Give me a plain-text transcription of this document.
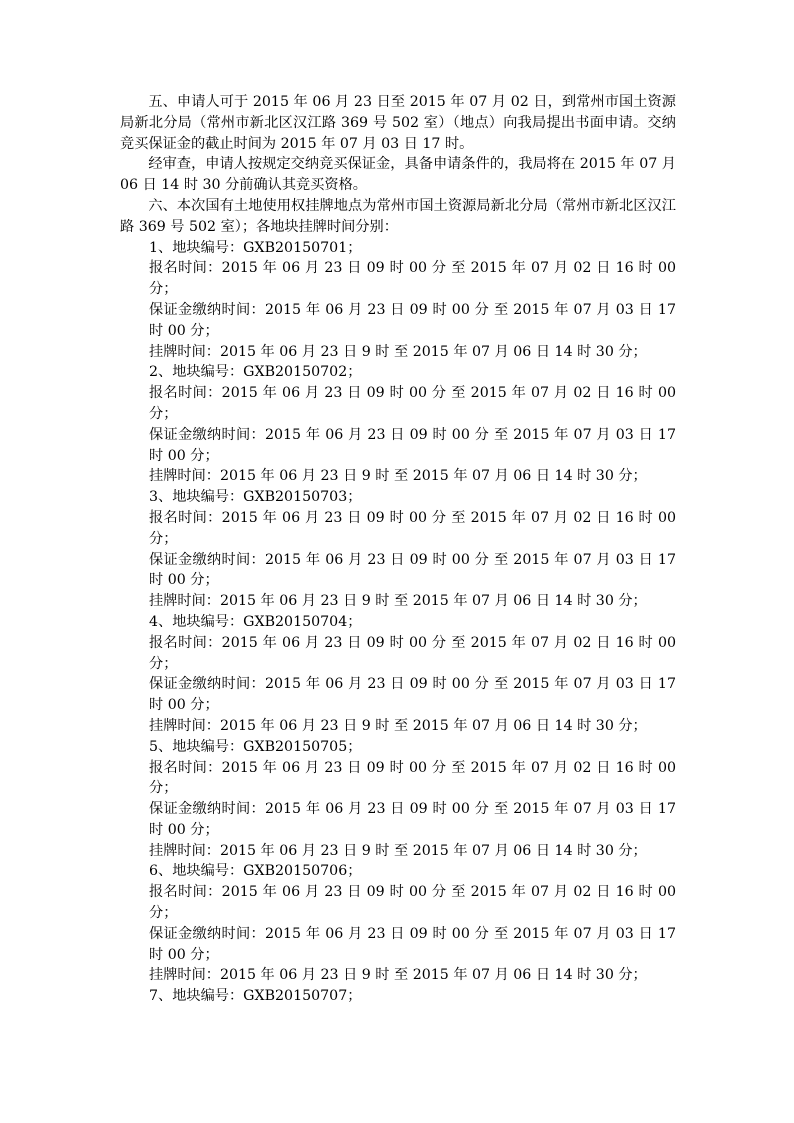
五、申请人可于 2015 年 06 月 23 日至 2015 年 07 月 02 日，到常州市国土资源局新北分局（常州市新北区汉江路 369 号 502 室）（地点）向我局提出书面申请。交纳竞买保证金的截止时间为 2015 年 07 月 03 日 17 时。

经审查，申请人按规定交纳竞买保证金，具备申请条件的，我局将在 2015 年 07 月 06 日 14 时 30 分前确认其竞买资格。

六、本次国有土地使用权挂牌地点为常州市国土资源局新北分局（常州市新北区汉江路 369 号 502 室）；各地块挂牌时间分别：

1、地块编号：GXB20150701；

报名时间：2015 年 06 月 23 日 09 时 00 分 至 2015 年 07 月 02 日 16 时 00 分；

保证金缴纳时间：2015 年 06 月 23 日 09 时 00 分 至 2015 年 07 月 03 日 17 时 00 分；

挂牌时间：2015 年 06 月 23 日 9 时 至 2015 年 07 月 06 日 14 时 30 分；

2、地块编号：GXB20150702；

报名时间：2015 年 06 月 23 日 09 时 00 分 至 2015 年 07 月 02 日 16 时 00 分；

保证金缴纳时间：2015 年 06 月 23 日 09 时 00 分 至 2015 年 07 月 03 日 17 时 00 分；

挂牌时间：2015 年 06 月 23 日 9 时 至 2015 年 07 月 06 日 14 时 30 分；

3、地块编号：GXB20150703；

报名时间：2015 年 06 月 23 日 09 时 00 分 至 2015 年 07 月 02 日 16 时 00 分；

保证金缴纳时间：2015 年 06 月 23 日 09 时 00 分 至 2015 年 07 月 03 日 17 时 00 分；

挂牌时间：2015 年 06 月 23 日 9 时 至 2015 年 07 月 06 日 14 时 30 分；

4、地块编号：GXB20150704；

报名时间：2015 年 06 月 23 日 09 时 00 分 至 2015 年 07 月 02 日 16 时 00 分；

保证金缴纳时间：2015 年 06 月 23 日 09 时 00 分 至 2015 年 07 月 03 日 17 时 00 分；

挂牌时间：2015 年 06 月 23 日 9 时 至 2015 年 07 月 06 日 14 时 30 分；

5、地块编号：GXB20150705；

报名时间：2015 年 06 月 23 日 09 时 00 分 至 2015 年 07 月 02 日 16 时 00 分；

保证金缴纳时间：2015 年 06 月 23 日 09 时 00 分 至 2015 年 07 月 03 日 17 时 00 分；

挂牌时间：2015 年 06 月 23 日 9 时 至 2015 年 07 月 06 日 14 时 30 分；

6、地块编号：GXB20150706；

报名时间：2015 年 06 月 23 日 09 时 00 分 至 2015 年 07 月 02 日 16 时 00 分；

保证金缴纳时间：2015 年 06 月 23 日 09 时 00 分 至 2015 年 07 月 03 日 17 时 00 分；

挂牌时间：2015 年 06 月 23 日 9 时 至 2015 年 07 月 06 日 14 时 30 分；

7、地块编号：GXB20150707；
